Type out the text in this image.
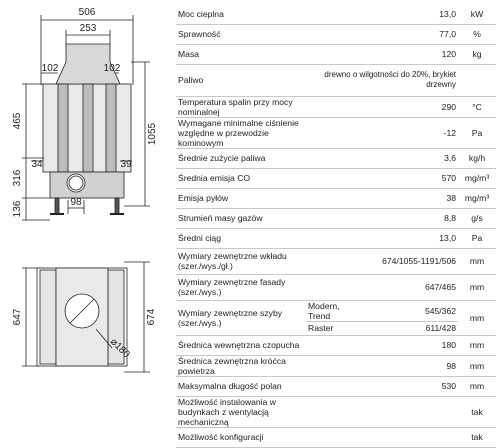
506
253
102	102
465
1055
34	39
316
136	98
647	674
⌀180
Moc cieplna	13,0		kW
Sprawność	77,0		%
Masa	120		kg
Paliwo	drewno o wilgotności do 20%, brykiet drzewny		
Temperatura spalin przy mocy nominalnej	290		°C
Wymagane minimalne ciśnienie względne w przewodzie kominowym	-12		Pa
Średnie zużycie paliwa	3,6		kg/h
Średnia emisja CO	570		mg/m³
Emisja pyłów	38		mg/m³
Strumień masy gazów	8,8		g/s
Średni ciąg	13,0		Pa
Wymiary zewnętrzne wkładu (szer./wys./gł.)	674/1055-1191/506		mm
Wymiary zewnętrzne fasady (szer./wys.)	647/465		mm
Wymiary zewnętrzne szyby (szer./wys.)	Modern, Trend	545/362	mm
	Raster	611/428	
Średnica wewnętrzna czopucha	180		mm
Średnica zewnętrzna króćca powietrza	98		mm
Maksymalna długość polan	530		mm
Możliwość instalowania w budynkach z wentylacją mechaniczną			tak
Możliwość konfiguracji			tak
